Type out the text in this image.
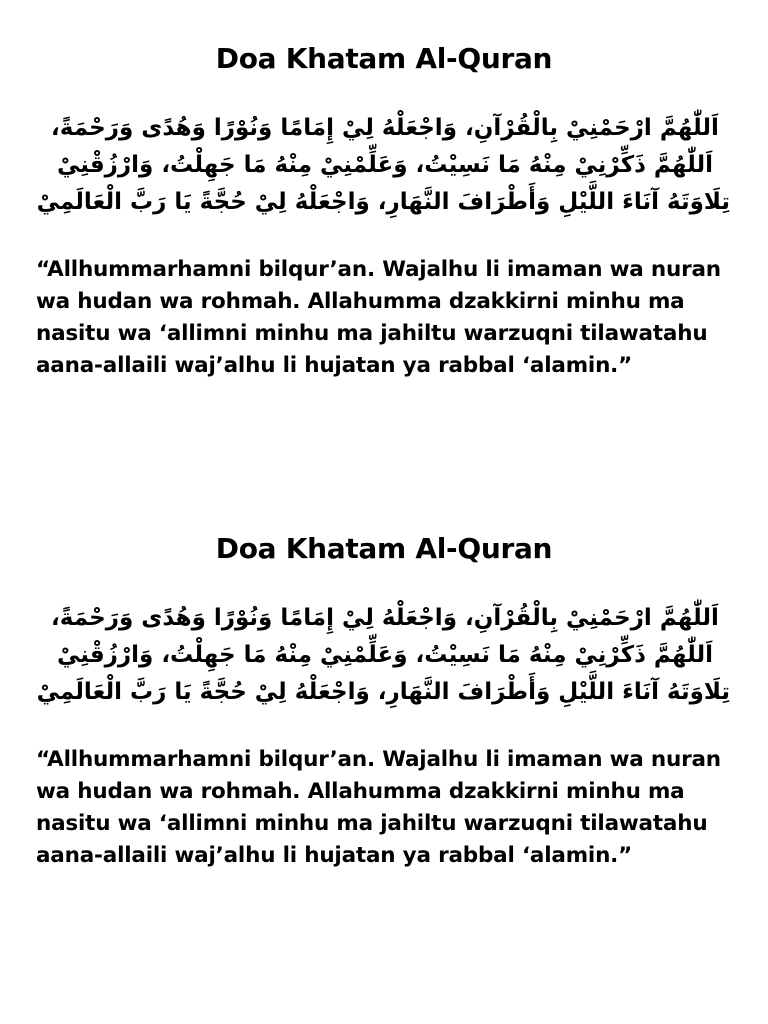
Doa Khatam Al-Quran
اَللّٰهُمَّ ارْحَمْنِيْ بِالْقُرْآنِ، وَاجْعَلْهُ لِيْ إِمَامًا وَنُوْرًا وَهُدًى وَرَحْمَةً،
اَللّٰهُمَّ ذَكِّرْنِيْ مِنْهُ مَا نَسِيْتُ، وَعَلِّمْنِيْ مِنْهُ مَا جَهِلْتُ، وَارْزُقْنِيْ
تِلَاوَتَهُ آنَاءَ اللَّيْلِ وَأَطْرَافَ النَّهَارِ، وَاجْعَلْهُ لِيْ حُجَّةً يَا رَبَّ الْعَالَمِيْ

“Allhummarhamni bilqur’an. Wajalhu li imaman wa nuran wa hudan wa rohmah. Allahumma dzakkirni minhu ma nasitu wa ‘allimni minhu ma jahiltu warzuqni tilawatahu aana-allaili waj’alhu li hujatan ya rabbal ‘alamin.”

Doa Khatam Al-Quran
اَللّٰهُمَّ ارْحَمْنِيْ بِالْقُرْآنِ، وَاجْعَلْهُ لِيْ إِمَامًا وَنُوْرًا وَهُدًى وَرَحْمَةً،
اَللّٰهُمَّ ذَكِّرْنِيْ مِنْهُ مَا نَسِيْتُ، وَعَلِّمْنِيْ مِنْهُ مَا جَهِلْتُ، وَارْزُقْنِيْ
تِلَاوَتَهُ آنَاءَ اللَّيْلِ وَأَطْرَافَ النَّهَارِ، وَاجْعَلْهُ لِيْ حُجَّةً يَا رَبَّ الْعَالَمِيْ

“Allhummarhamni bilqur’an. Wajalhu li imaman wa nuran wa hudan wa rohmah. Allahumma dzakkirni minhu ma nasitu wa ‘allimni minhu ma jahiltu warzuqni tilawatahu aana-allaili waj’alhu li hujatan ya rabbal ‘alamin.”
